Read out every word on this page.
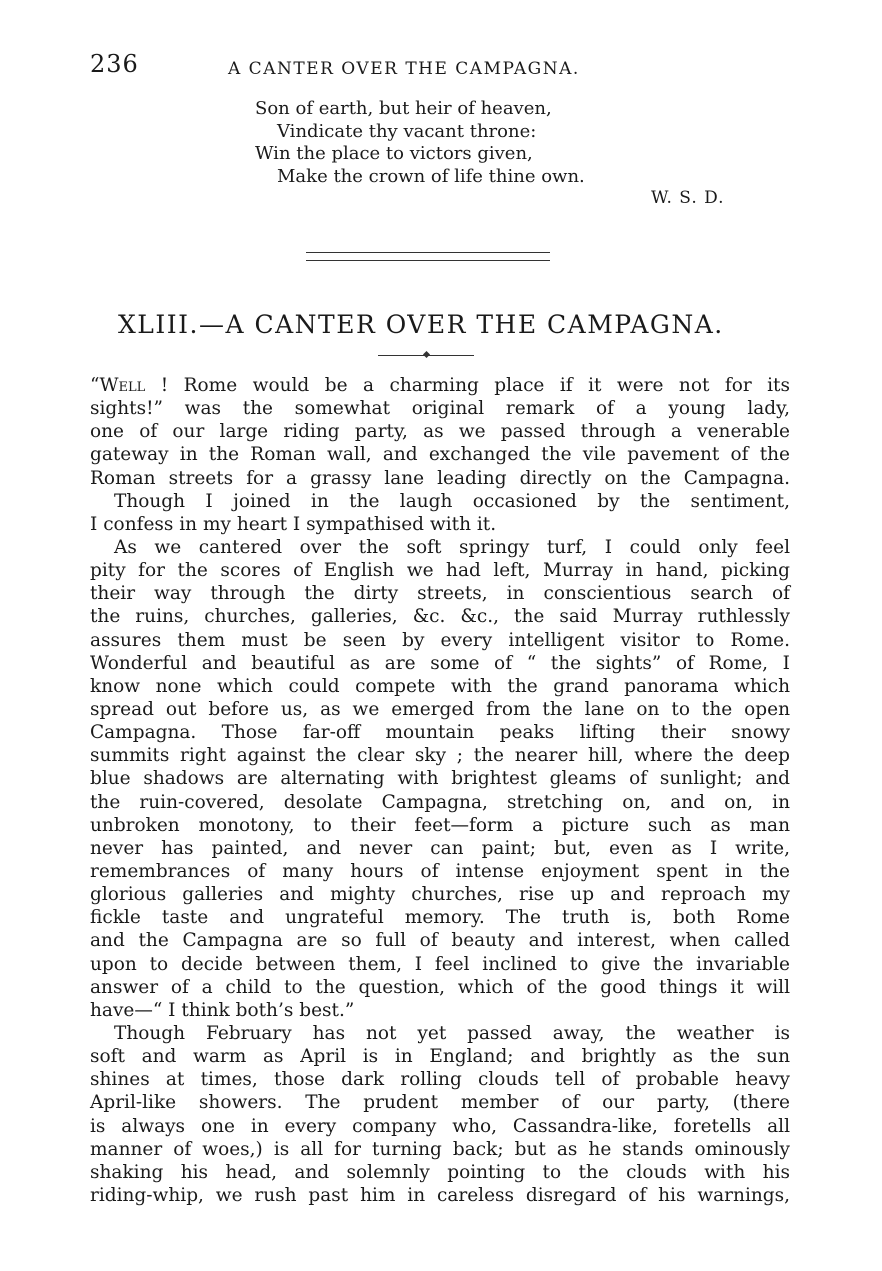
236	A CANTER OVER THE CAMPAGNA.
Son of earth, but heir of heaven,
Vindicate thy vacant throne:
Win the place to victors given,
Make the crown of life thine own.
W. S. D.
XLIII.—A CANTER OVER THE CAMPAGNA.
“Well ! Rome would be a charming place if it were not for its
sights!” was the somewhat original remark of a young lady,
one of our large riding party, as we passed through a venerable
gateway in the Roman wall, and exchanged the vile pavement of the
Roman streets for a grassy lane leading directly on the Campagna.
Though I joined in the laugh occasioned by the sentiment,
I confess in my heart I sympathised with it.
As we cantered over the soft springy turf, I could only feel
pity for the scores of English we had left, Murray in hand, picking
their way through the dirty streets, in conscientious search of
the ruins, churches, galleries, &c. &c., the said Murray ruthlessly
assures them must be seen by every intelligent visitor to Rome.
Wonderful and beautiful as are some of “ the sights” of Rome, I
know none which could compete with the grand panorama which
spread out before us, as we emerged from the lane on to the open
Campagna. Those far-off mountain peaks lifting their snowy
summits right against the clear sky ; the nearer hill, where the deep
blue shadows are alternating with brightest gleams of sunlight; and
the ruin-covered, desolate Campagna, stretching on, and on, in
unbroken monotony, to their feet—form a picture such as man
never has painted, and never can paint; but, even as I write,
remembrances of many hours of intense enjoyment spent in the
glorious galleries and mighty churches, rise up and reproach my
fickle taste and ungrateful memory. The truth is, both Rome
and the Campagna are so full of beauty and interest, when called
upon to decide between them, I feel inclined to give the invariable
answer of a child to the question, which of the good things it will
have—“ I think both’s best.”
Though February has not yet passed away, the weather is
soft and warm as April is in England; and brightly as the sun
shines at times, those dark rolling clouds tell of probable heavy
April-like showers. The prudent member of our party, (there
is always one in every company who, Cassandra-like, foretells all
manner of woes,) is all for turning back; but as he stands ominously
shaking his head, and solemnly pointing to the clouds with his
riding-whip, we rush past him in careless disregard of his warnings,
